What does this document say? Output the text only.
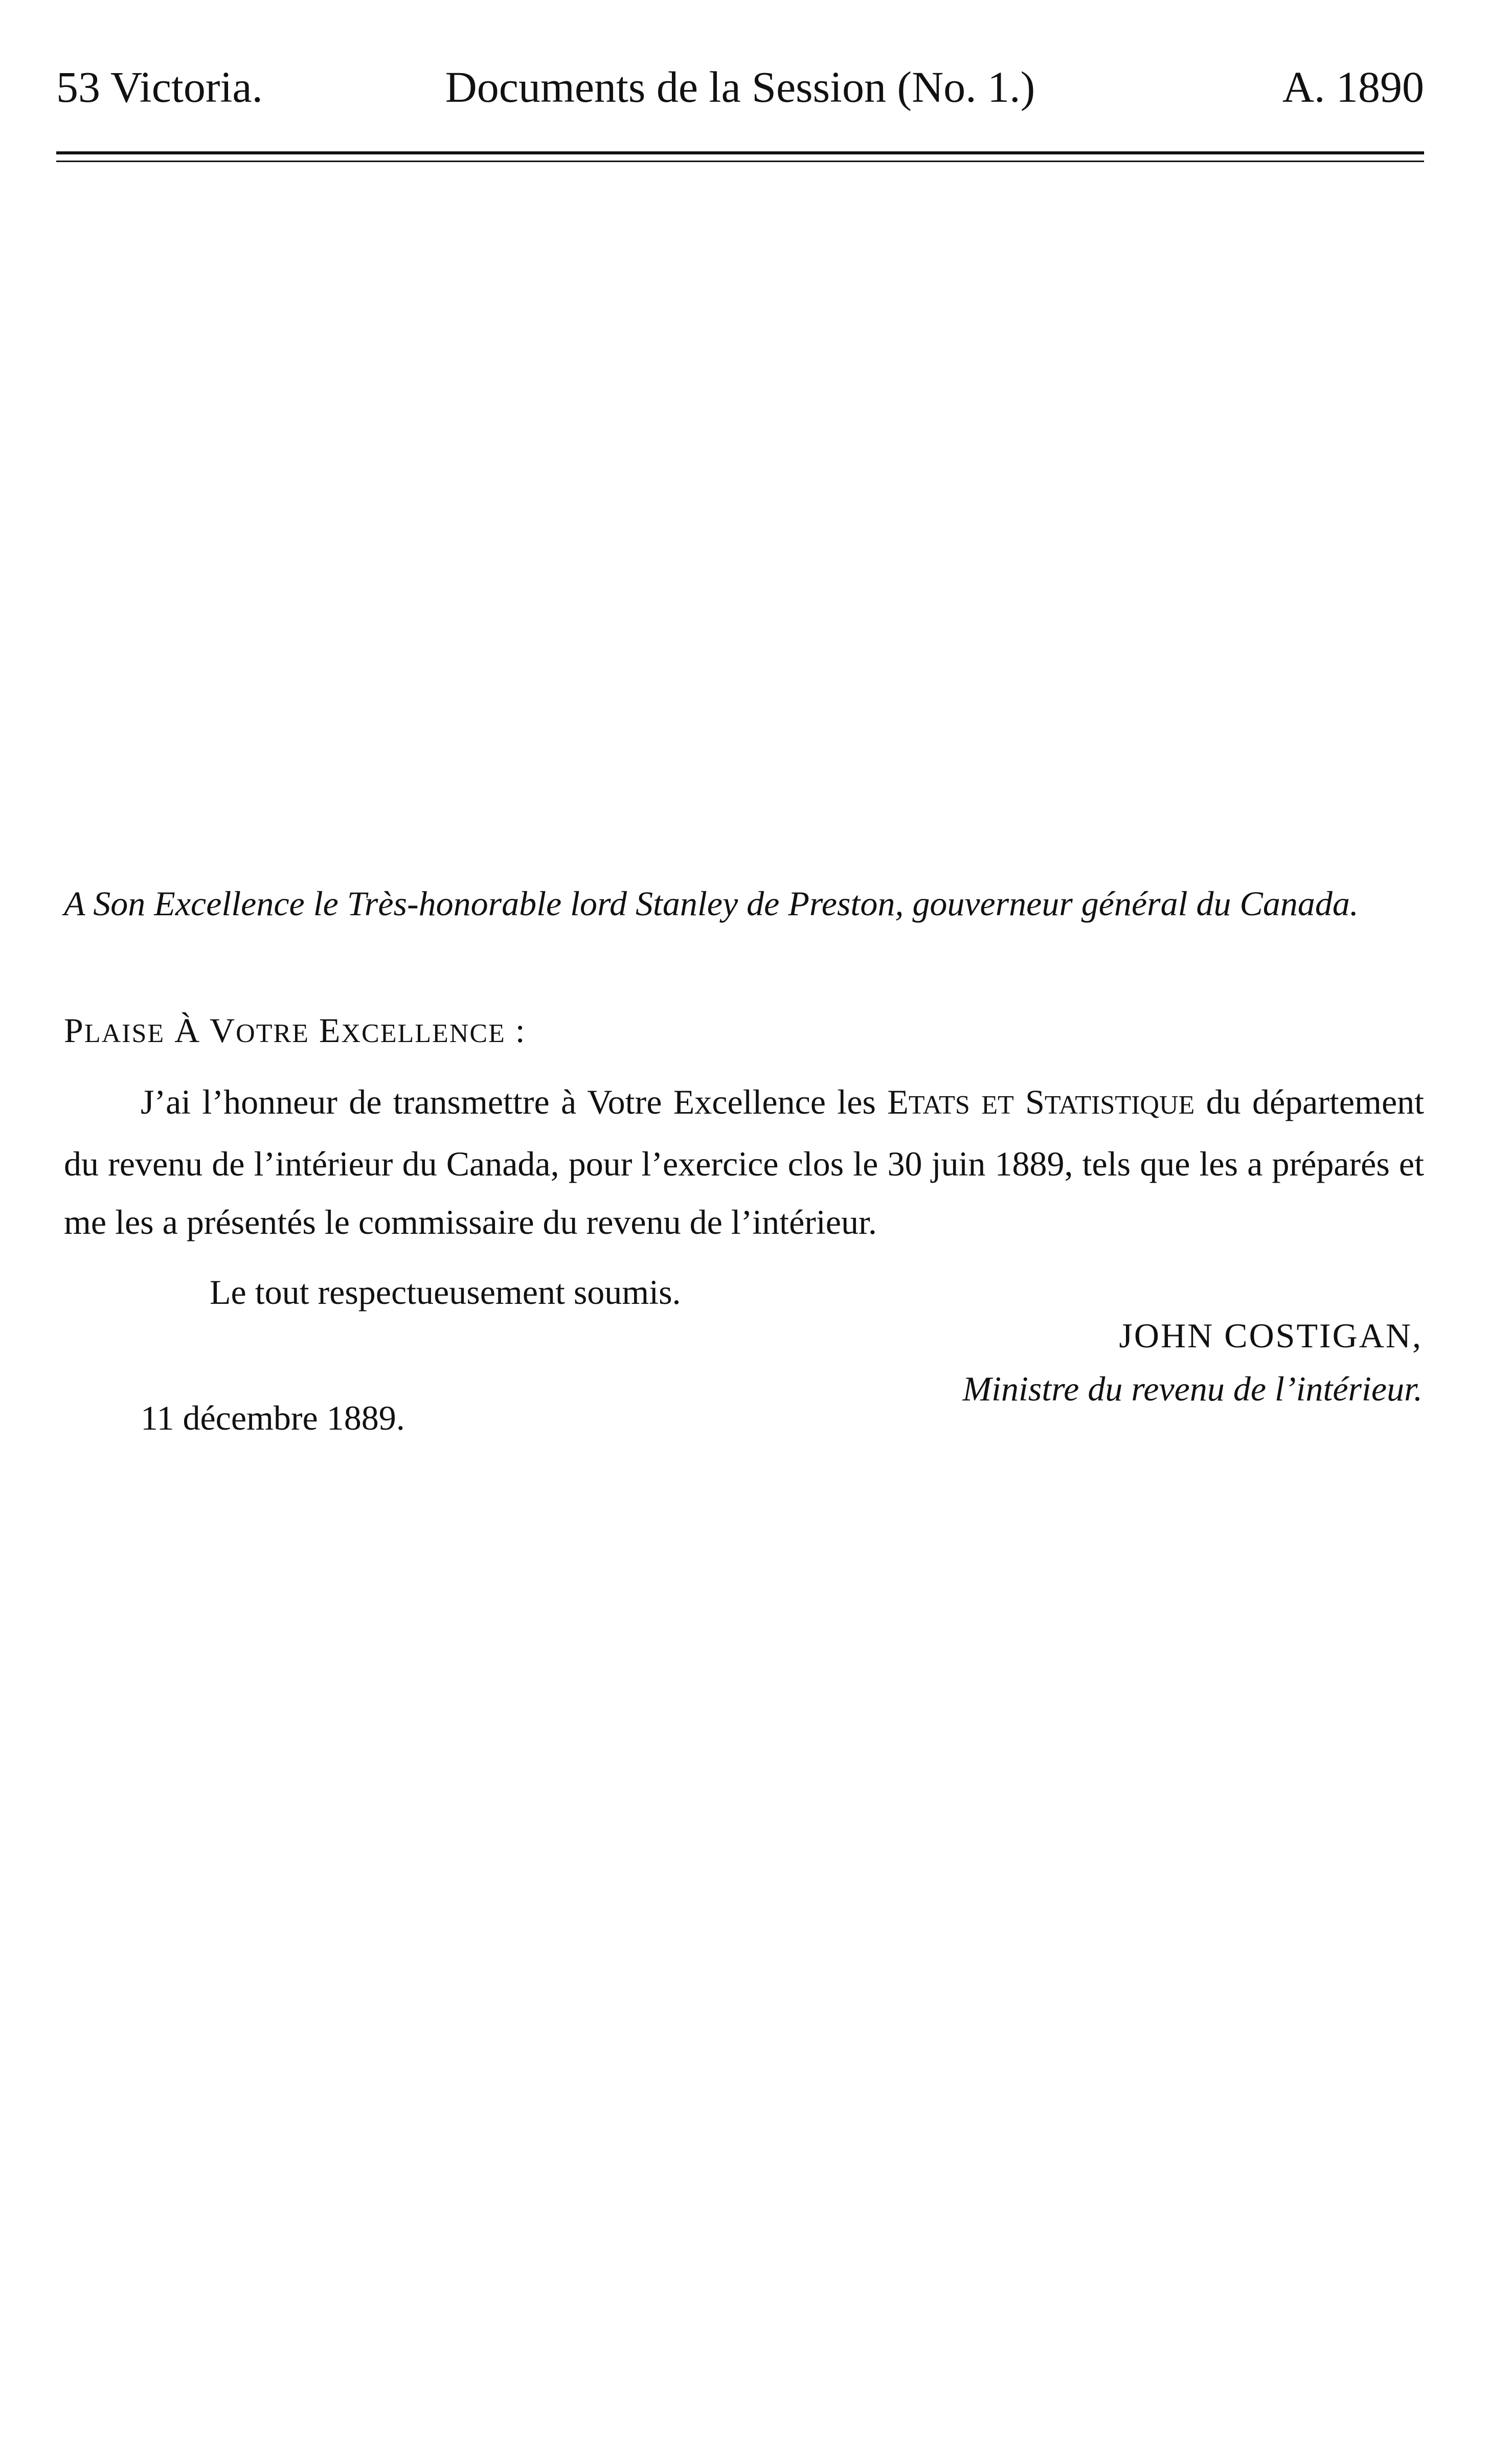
53 Victoria.	Documents de la Session (No. 1.)	A. 1890
A Son Excellence le Très-honorable lord Stanley de Preston, gouverneur général du Canada.
PLAISE À VOTRE EXCELLENCE :
J’ai l’honneur de transmettre à Votre Excellence les ETATS ET STATISTIQUE du département du revenu de l’intérieur du Canada, pour l’exercice clos le 30 juin 1889, tels que les a préparés et me les a présentés le commissaire du revenu de l’intérieur.
Le tout respectueusement soumis.
JOHN COSTIGAN,
Ministre du revenu de l’intérieur.
11 décembre 1889.
